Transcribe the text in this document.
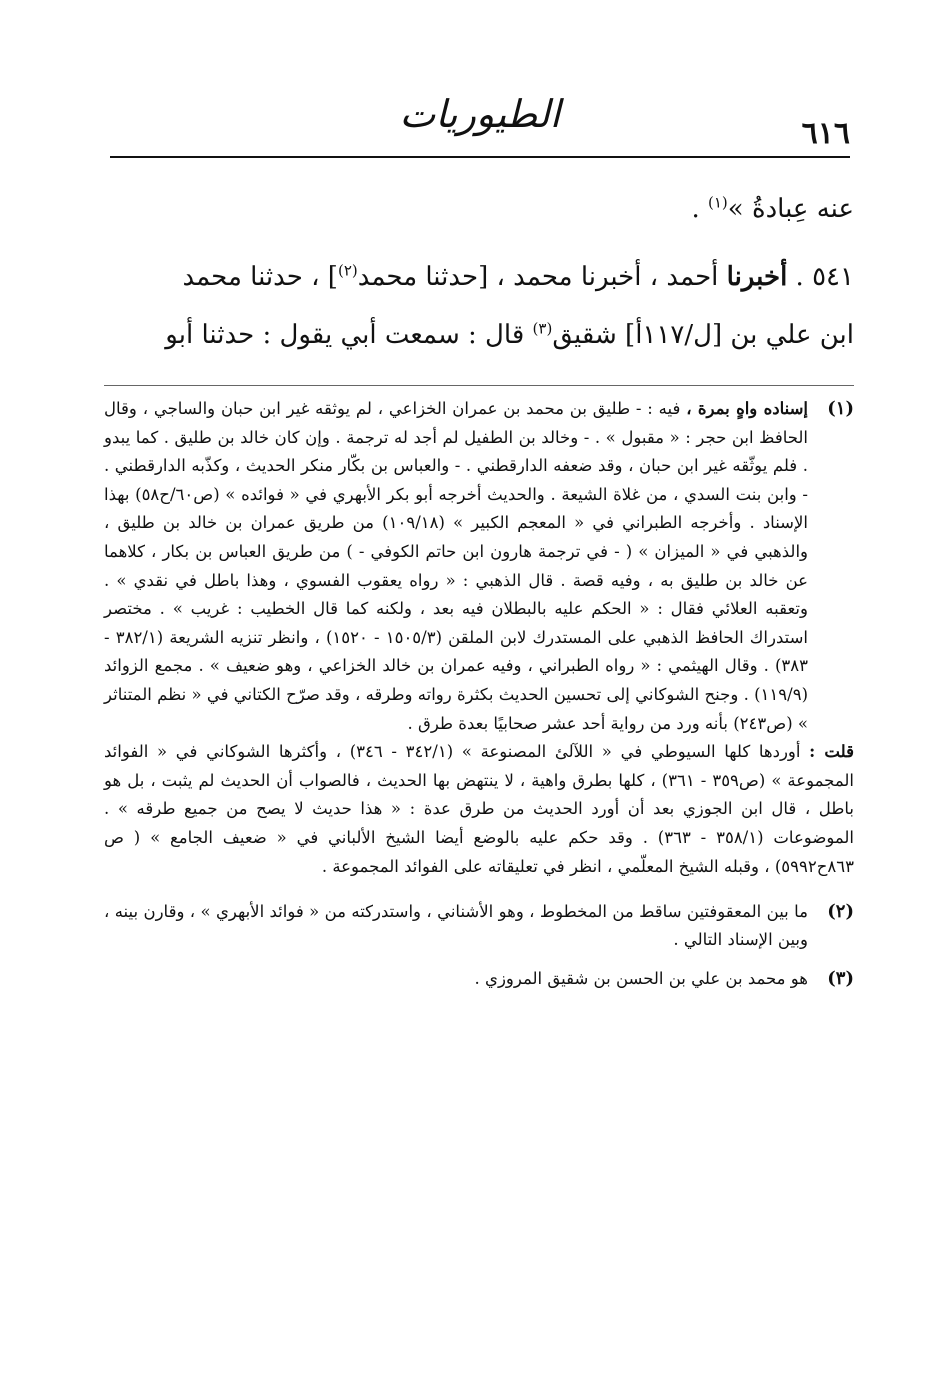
٦١٦
الطيوريات

عنه عِبادةُ »$^{(١)}$ .

٥٤١ . أخبرنا أحمد ، أخبرنا محمد ، [حدثنا محمد$^{(٢)}$] ، حدثنا محمد
ابن علي بن [ل/١١٧أ] شقيق$^{(٣)}$ قال : سمعت أبي يقول : حدثنا أبو

(١)

إسناده واهٍ بمرة ، فيه : - طليق بن محمد بن عمران الخزاعي ، لم يوثقه غير ابن حبان والساجي ، وقال الحافظ ابن حجر : « مقبول » . - وخالد بن الطفيل لم أجد له ترجمة . وإن كان خالد بن طليق . كما يبدو . فلم يوثّقه غير ابن حبان ، وقد ضعفه الدارقطني . - والعباس بن بكّار منكر الحديث ، وكذّبه الدارقطني . - وابن بنت السدي ، من غلاة الشيعة . والحديث أخرجه أبو بكر الأبهري في « فوائده » (ص٦٠/ح٥٨) بهذا الإسناد . وأخرجه الطبراني في « المعجم الكبير » (١٠٩/١٨) من طريق عمران بن خالد بن طليق ، والذهبي في « الميزان » ( - في ترجمة هارون ابن حاتم الكوفي - ) من طريق العباس بن بكار ، كلاهما عن خالد بن طليق به ، وفيه قصة . قال الذهبي : « رواه يعقوب الفسوي ، وهذا باطل في نقدي » . وتعقبه العلائي فقال : « الحكم عليه بالبطلان فيه بعد ، ولكنه كما قال الخطيب : غريب » . مختصر استدراك الحافظ الذهبي على المستدرك لابن الملقن (١٥٠٥/٣ - ١٥٢٠) ، وانظر تنزيه الشريعة (٣٨٢/١ - ٣٨٣) . وقال الهيثمي : « رواه الطبراني ، وفيه عمران بن خالد الخزاعي ، وهو ضعيف » . مجمع الزوائد (١١٩/٩) . وجنح الشوكاني إلى تحسين الحديث بكثرة رواته وطرقه ، وقد صرّح الكتاني في « نظم المتناثر » (ص٢٤٣) بأنه ورد من رواية أحد عشر صحابيًا بعدة طرق .

قلت : أوردها كلها السيوطي في « اللآلئ المصنوعة » (٣٤٢/١ - ٣٤٦) ، وأكثرها الشوكاني في « الفوائد المجموعة » (ص٣٥٩ - ٣٦١) ، كلها بطرق واهية ، لا ينتهض بها الحديث ، فالصواب أن الحديث لم يثبت ، بل هو باطل ، قال ابن الجوزي بعد أن أورد الحديث من طرق عدة : « هذا حديث لا يصح من جميع طرقه » . الموضوعات (٣٥٨/١ - ٣٦٣) . وقد حكم عليه بالوضع أيضا الشيخ الألباني في « ضعيف الجامع » ( ص ٨٦٣ح٥٩٩٢) ، وقبله الشيخ المعلّمي ، انظر في تعليقاته على الفوائد المجموعة .

(٢)
ما بين المعقوفتين ساقط من المخطوط ، وهو الأشناني ، واستدركته من « فوائد الأبهري » ، وقارن بينه ، وبين الإسناد التالي .
(٣)
هو محمد بن علي بن الحسن بن شقيق المروزي .
